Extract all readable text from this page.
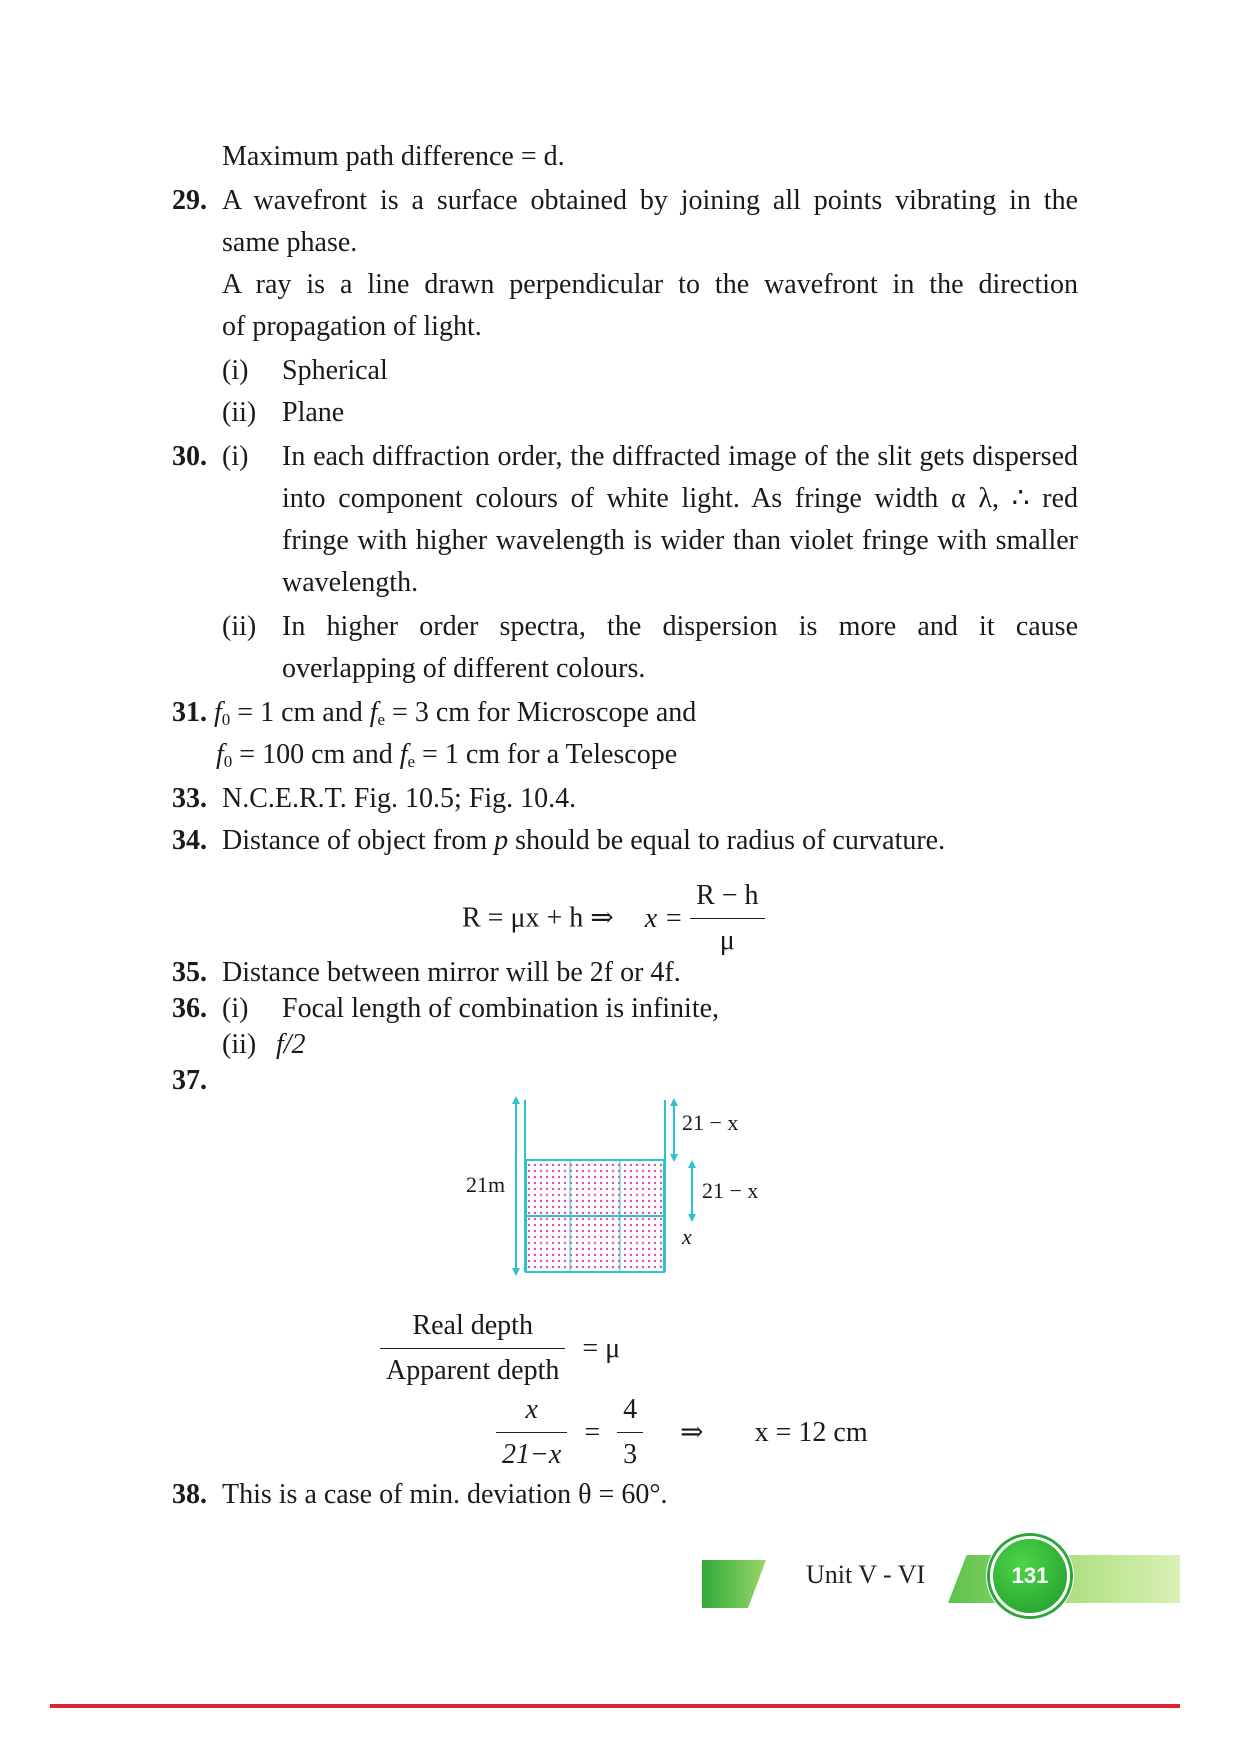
Maximum path difference = d.
29. A wavefront is a surface obtained by joining all points vibrating in the
same phase.
A ray is a line drawn perpendicular to the wavefront in the direction
of propagation of light.
(i) Spherical
(ii) Plane
30. (i) In each diffraction order, the diffracted image of the slit gets dispersed
into component colours of white light. As fringe width α λ, ∴ red
fringe with higher wavelength is wider than violet fringe with smaller
wavelength.
(ii) In higher order spectra, the dispersion is more and it cause
overlapping of different colours.
31. $f_0 = 1$ cm and $f_e = 3$ cm for Microscope and
$f_0 = 100$ cm and $f_e = 1$ cm for a Telescope
33. N.C.E.R.T. Fig. 10.5; Fig. 10.4.
34. Distance of object from p should be equal to radius of curvature.
R = μx + h ⇒ $x = \frac{R - h}{\mu}$
35. Distance between mirror will be 2f or 4f.
36. (i) Focal length of combination is infinite,
(ii) f/2
37.
21m
21 − x
21 − x
x
$\frac{\text{Real depth}}{\text{Apparent depth}} = \mu$
$\frac{x}{21-x} = \frac{4}{3}$ ⇒ x = 12 cm
38. This is a case of min. deviation θ = 60°.
Unit V - VI	131
